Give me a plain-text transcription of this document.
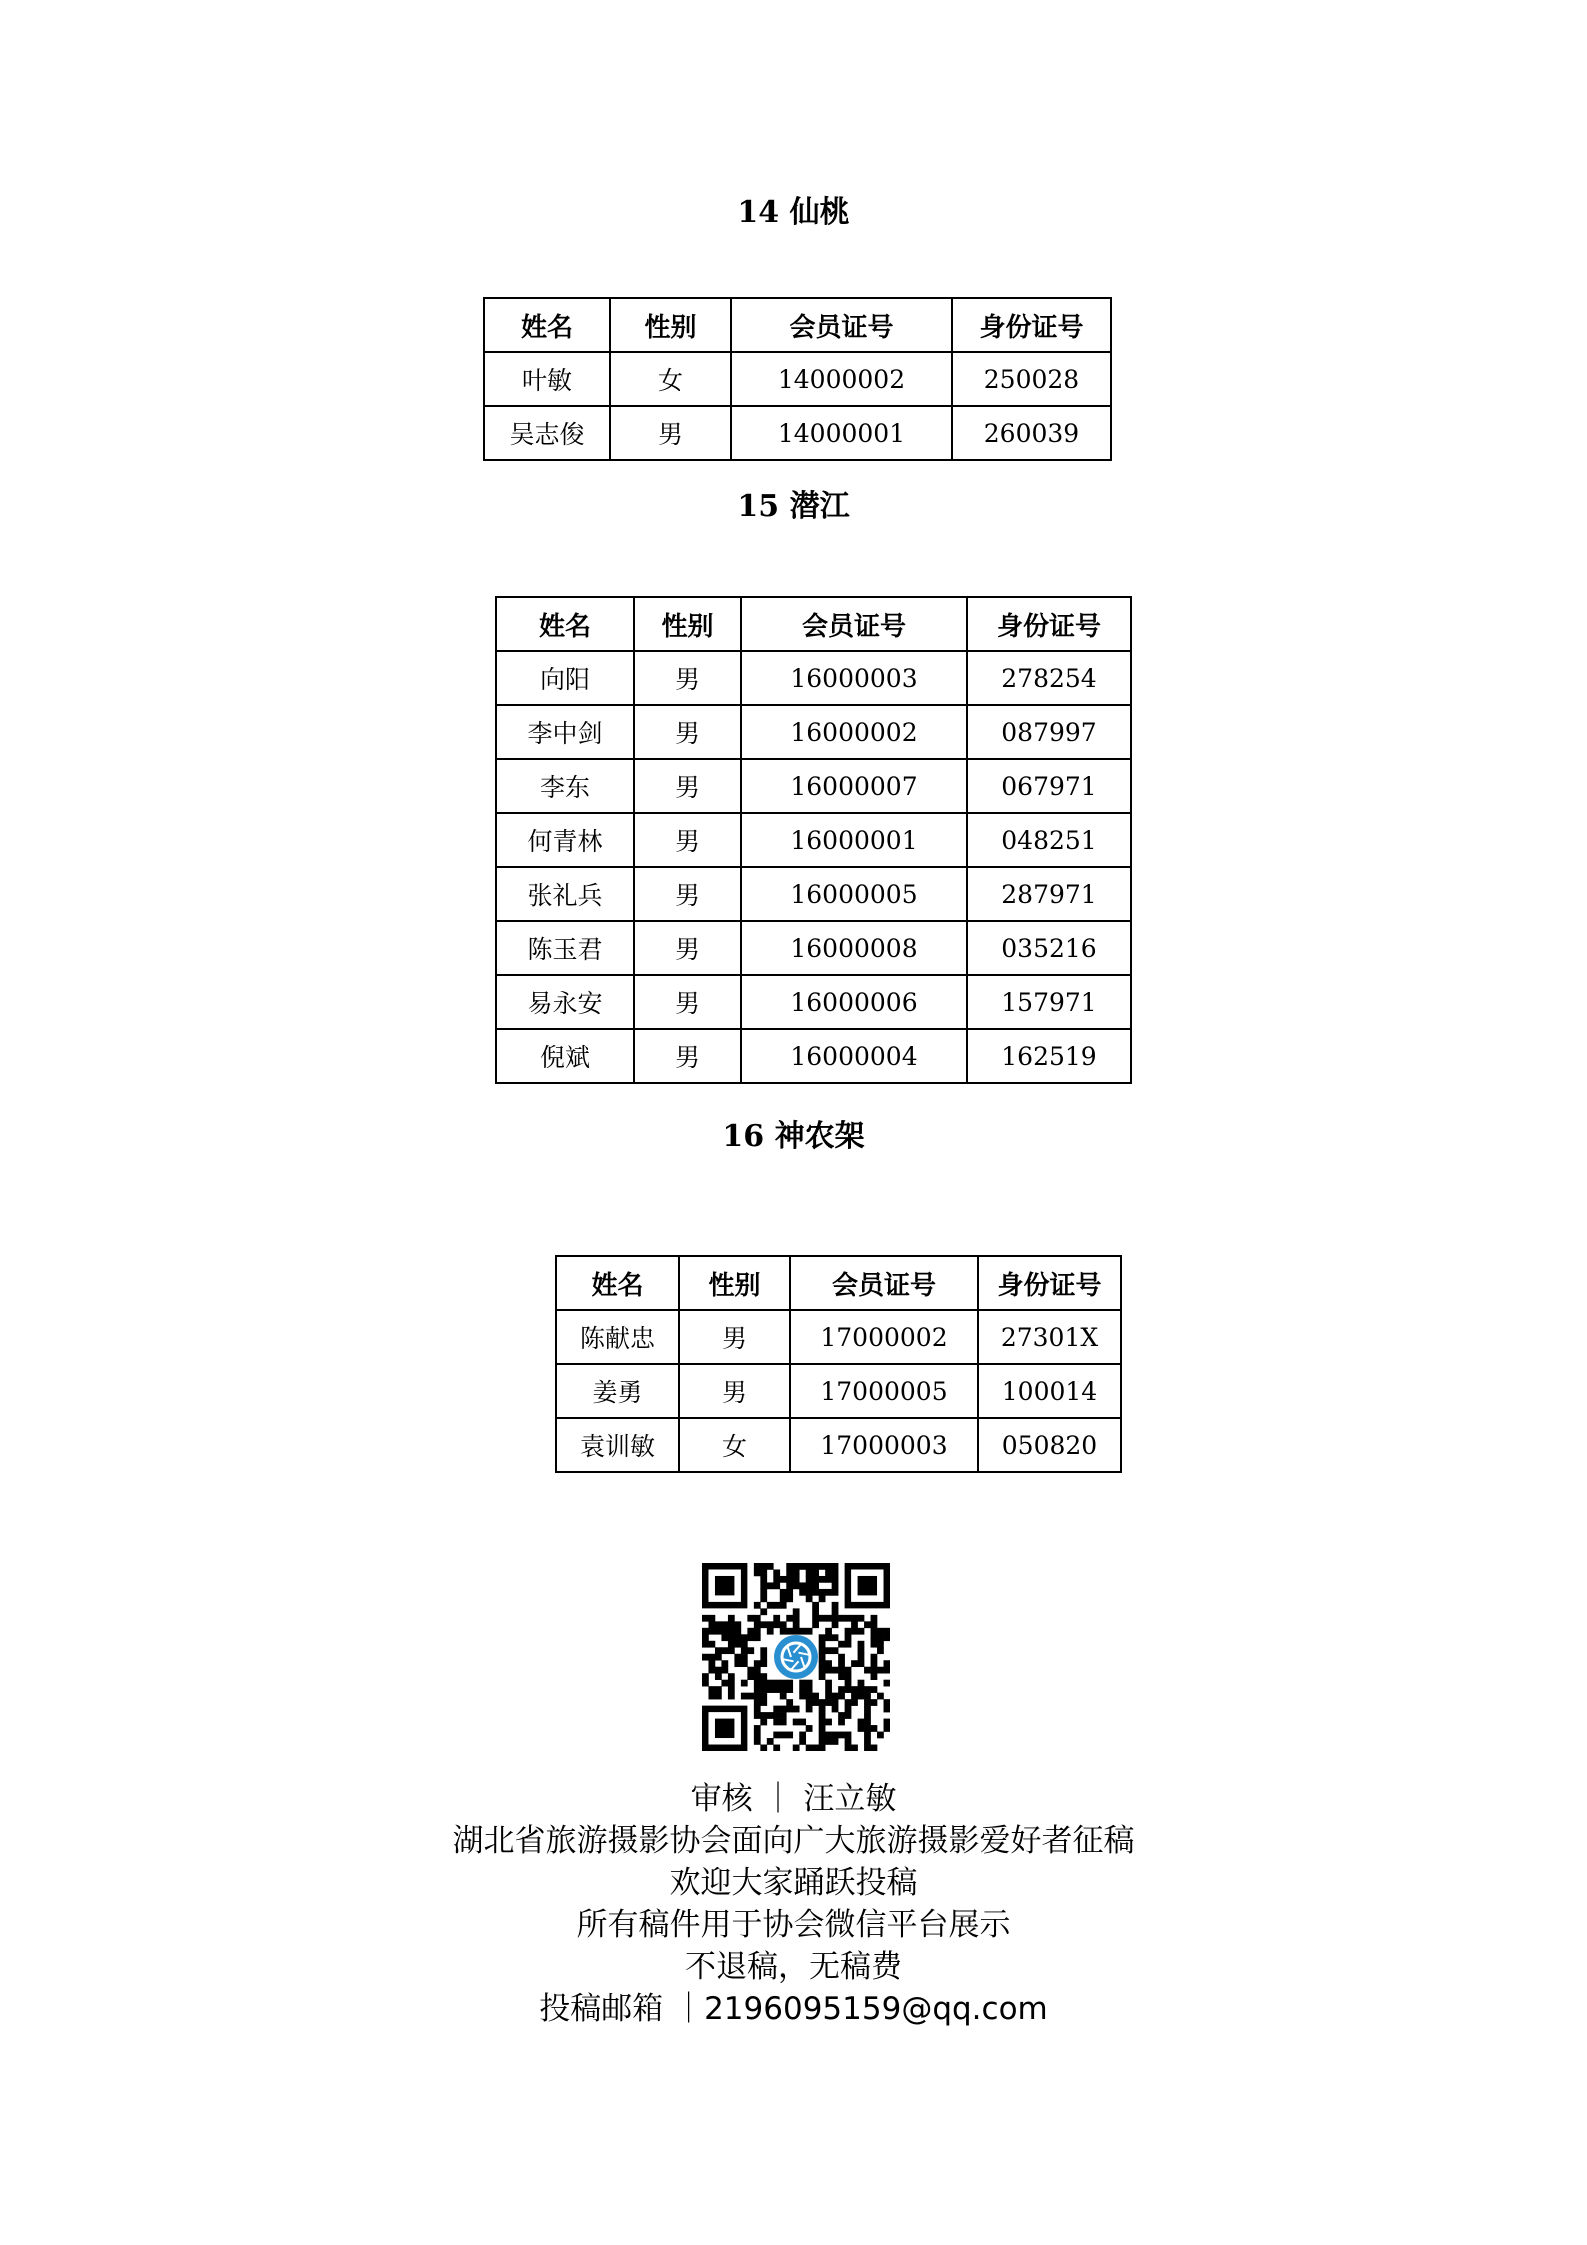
14 仙桃
姓名	性别	会员证号	身份证号
叶敏	女	14000002	250028
吴志俊	男	14000001	260039
15 潜江
姓名	性别	会员证号	身份证号
向阳	男	16000003	278254
李中剑	男	16000002	087997
李东	男	16000007	067971
何青林	男	16000001	048251
张礼兵	男	16000005	287971
陈玉君	男	16000008	035216
易永安	男	16000006	157971
倪斌	男	16000004	162519
16 神农架
姓名	性别	会员证号	身份证号
陈献忠	男	17000002	27301X
姜勇	男	17000005	100014
袁训敏	女	17000003	050820

审核 ｜ 汪立敏

湖北省旅游摄影协会面向广大旅游摄影爱好者征稿

欢迎大家踊跃投稿

所有稿件用于协会微信平台展示

不退稿，无稿费

投稿邮箱 ｜2196095159@qq.com
